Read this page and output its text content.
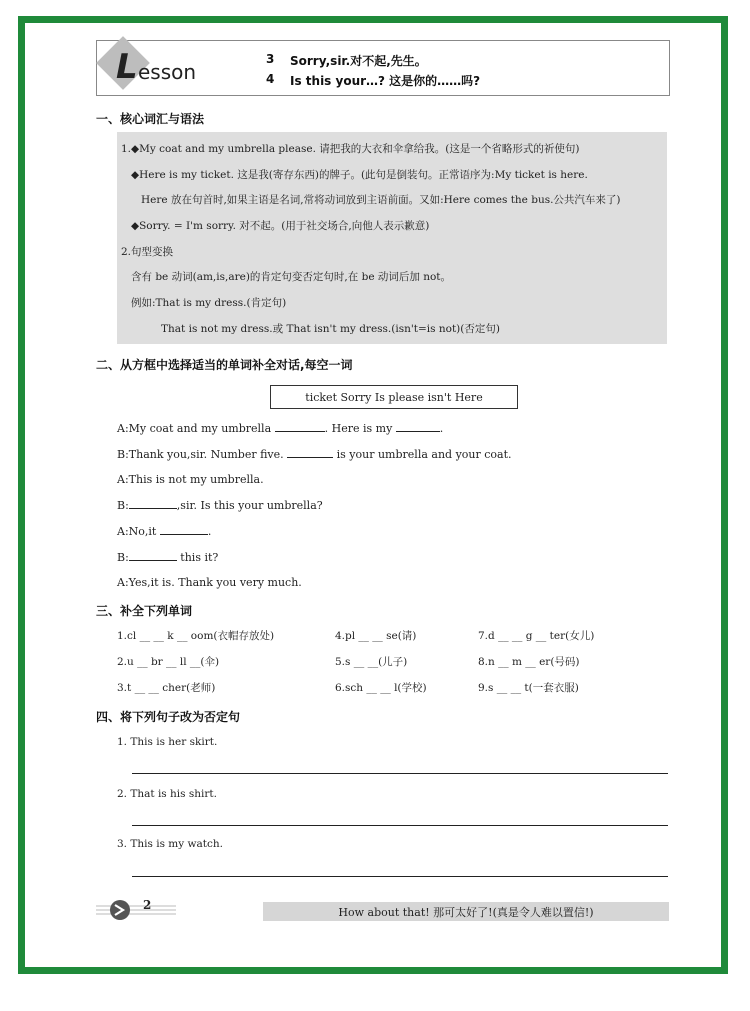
L esson
3 Sorry,sir.对不起,先生。
4 Is this your…? 这是你的……吗?
一、核心词汇与语法
1.◆My coat and my umbrella please. 请把我的大衣和伞拿给我。(这是一个省略形式的祈使句)
◆Here is my ticket. 这是我(寄存东西)的牌子。(此句是倒装句。正常语序为:My ticket is here.
Here 放在句首时,如果主语是名词,常将动词放到主语前面。又如:Here comes the bus.公共汽车来了)
◆Sorry. = I'm sorry. 对不起。(用于社交场合,向他人表示歉意)
2.句型变换
含有 be 动词(am,is,are)的肯定句变否定句时,在 be 动词后加 not。
例如:That is my dress.(肯定句)
That is not my dress.或 That isn't my dress.(isn't=is not)(否定句)
二、从方框中选择适当的单词补全对话,每空一词
ticket Sorry Is please isn't Here
A:My coat and my umbrella	. Here is my	.
B:Thank you,sir. Number five.	is your umbrella and your coat.
A:This is not my umbrella.
B:	,sir. Is this your umbrella?
A:No,it	.
B:	this it?
A:Yes,it is. Thank you very much.
三、补全下列单词
1.cl __ __ k __ oom(衣帽存放处)	4.pl __ __ se(请)	7.d __ __ g __ ter(女儿)
2.u __ br __ ll __(伞)	5.s __ __(儿子)	8.n __ m __ er(号码)
3.t __ __ cher(老师)	6.sch __ __ l(学校)	9.s __ __ t(一套衣服)
四、将下列句子改为否定句
1. This is her skirt.
2. That is his shirt.
3. This is my watch.
2	How about that! 那可太好了!(真是令人难以置信!)
